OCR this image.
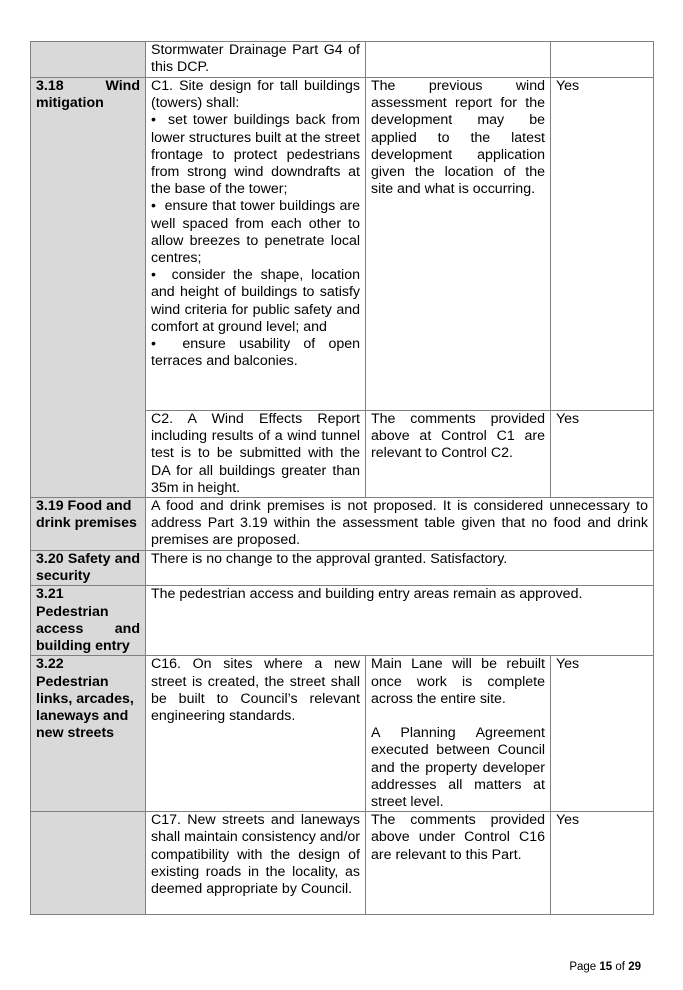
	Stormwater Drainage Part G4 of this DCP.		
3.18 Wind mitigation	C1. Site design for tall buildings (towers) shall:
•  set tower buildings back from lower structures built at the street frontage to protect pedestrians from strong wind downdrafts at the base of the tower;
•  ensure that tower buildings are well spaced from each other to allow breezes to penetrate local centres;
•  consider the shape, location and height of buildings to satisfy wind criteria for public safety and comfort at ground level; and
•  ensure usability of open terraces and balconies.	The previous wind assessment report for the development may be applied to the latest development application given the location of the site and what is occurring.	Yes
	C2. A Wind Effects Report including results of a wind tunnel test is to be submitted with the DA for all buildings greater than 35m in height.	The comments provided above at Control C1 are relevant to Control C2.	Yes
3.19 Food and drink premises	A food and drink premises is not proposed. It is considered unnecessary to address Part 3.19 within the assessment table given that no food and drink premises are proposed.		
3.20 Safety and security	There is no change to the approval granted. Satisfactory.		
3.21 Pedestrian access and building entry	The pedestrian access and building entry areas remain as approved.		
3.22 Pedestrian links, arcades, laneways and new streets	C16. On sites where a new street is created, the street shall be built to Council’s relevant engineering standards.	Main Lane will be rebuilt once work is complete across the entire site.
A Planning Agreement executed between Council and the property developer addresses all matters at street level.	Yes
	C17. New streets and laneways shall maintain consistency and/or compatibility with the design of existing roads in the locality, as deemed appropriate by Council.	The comments provided above under Control C16 are relevant to this Part.	Yes
Page 15 of 29
